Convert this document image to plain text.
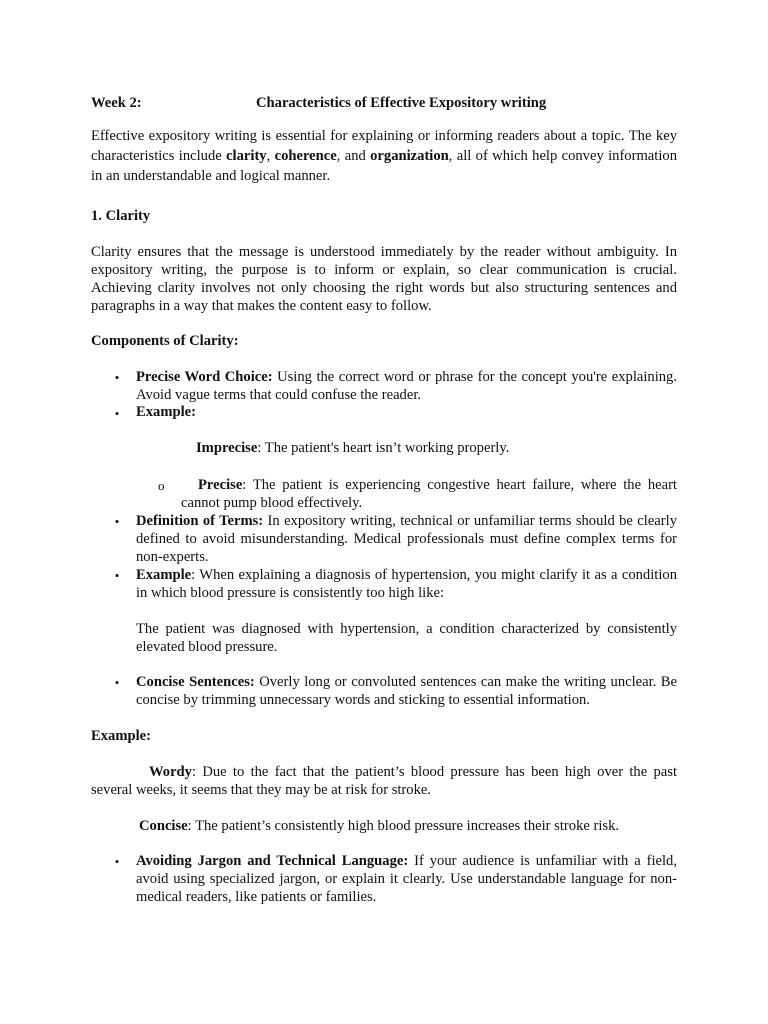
Week 2:	Characteristics of Effective Expository writing
Effective expository writing is essential for explaining or informing readers about a topic. The key characteristics include clarity, coherence, and organization, all of which help convey information in an understandable and logical manner.
1. Clarity
Clarity ensures that the message is understood immediately by the reader without ambiguity. In expository writing, the purpose is to inform or explain, so clear communication is crucial. Achieving clarity involves not only choosing the right words but also structuring sentences and paragraphs in a way that makes the content easy to follow.
Components of Clarity:
• Precise Word Choice: Using the correct word or phrase for the concept you're explaining. Avoid vague terms that could confuse the reader.
• Example:
Imprecise: The patient's heart isn’t working properly.
o	Precise: The patient is experiencing congestive heart failure, where the heart cannot pump blood effectively.
• Definition of Terms: In expository writing, technical or unfamiliar terms should be clearly defined to avoid misunderstanding. Medical professionals must define complex terms for non-experts.
• Example: When explaining a diagnosis of hypertension, you might clarify it as a condition in which blood pressure is consistently too high like:
The patient was diagnosed with hypertension, a condition characterized by consistently elevated blood pressure.
• Concise Sentences: Overly long or convoluted sentences can make the writing unclear. Be concise by trimming unnecessary words and sticking to essential information.
Example:
Wordy: Due to the fact that the patient’s blood pressure has been high over the past several weeks, it seems that they may be at risk for stroke.
Concise: The patient’s consistently high blood pressure increases their stroke risk.
• Avoiding Jargon and Technical Language: If your audience is unfamiliar with a field, avoid using specialized jargon, or explain it clearly. Use understandable language for non-medical readers, like patients or families.
